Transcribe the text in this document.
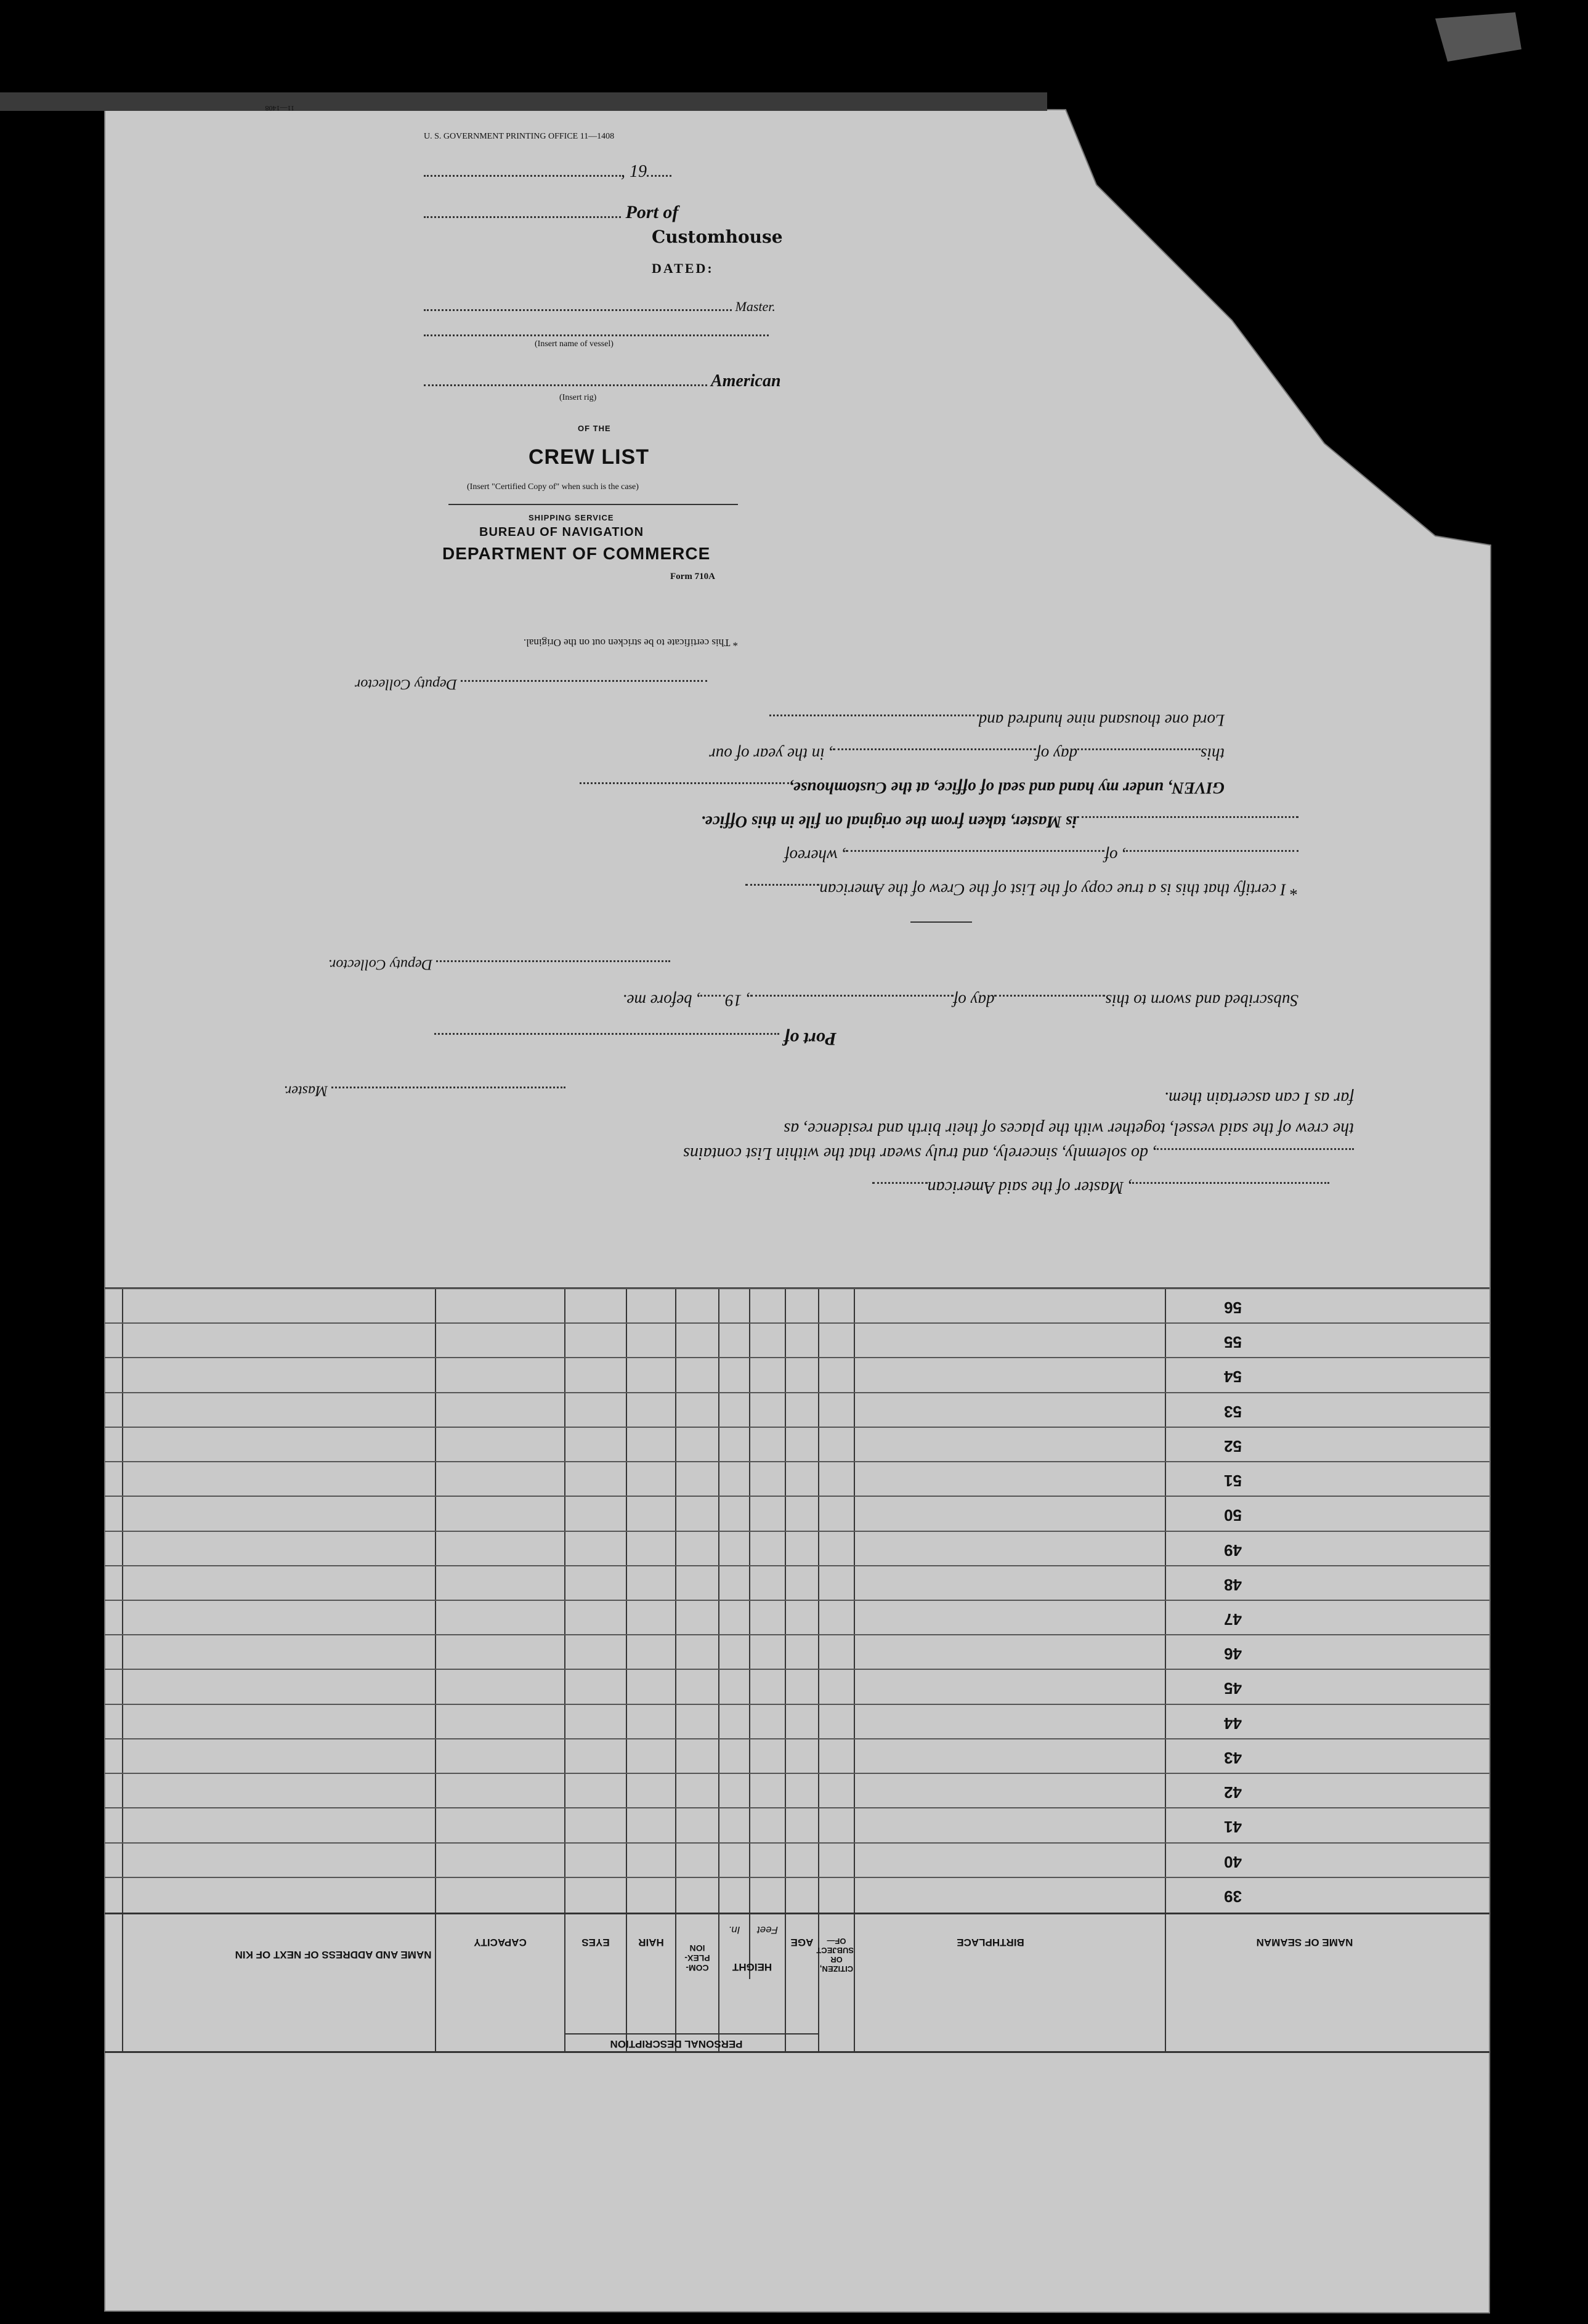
NAME OF SEAMAN
BIRTHPLACE
CITIZEN, OR SUBJECT OF—
AGE
PERSONAL DESCRIPTION
HEIGHT
Feet
In.
COM- PLEX- ION
HAIR
EYES
CAPACITY
NAME AND ADDRESS OF NEXT OF KIN
39
40
41
42
43
44
45
46
47
48
49
50
51
52
53
54
55
56
, Master of the said American
, do solemnly, sincerely, and truly swear that the within List contains
the crew of the said vessel, together with the places of their birth and residence, as
far as I can ascertain them.
Master.
Port of
Subscribed and sworn to thisday of, 19, before me.
Deputy Collector.
* I certify that this is a true copy of the List of the Crew of the American
, of, whereof
is Master, taken from the original on file in this Office.
GIVEN, under my hand and seal of office, at the Customhouse,
thisday of, in the year of our
Lord one thousand nine hundred and
Deputy Collector
* This certificate to be stricken out on the Original.
U. S. GOVERNMENT PRINTING OFFICE 11—1408
, 19
Port of
Customhouse
DATED:
Master.

(Insert name of vessel)
American
(Insert rig)
OF THE
CREW LIST
(Insert "Certified Copy of" when such is the case)
SHIPPING SERVICE
BUREAU OF NAVIGATION
DEPARTMENT OF COMMERCE
Form 710A
11—1408
